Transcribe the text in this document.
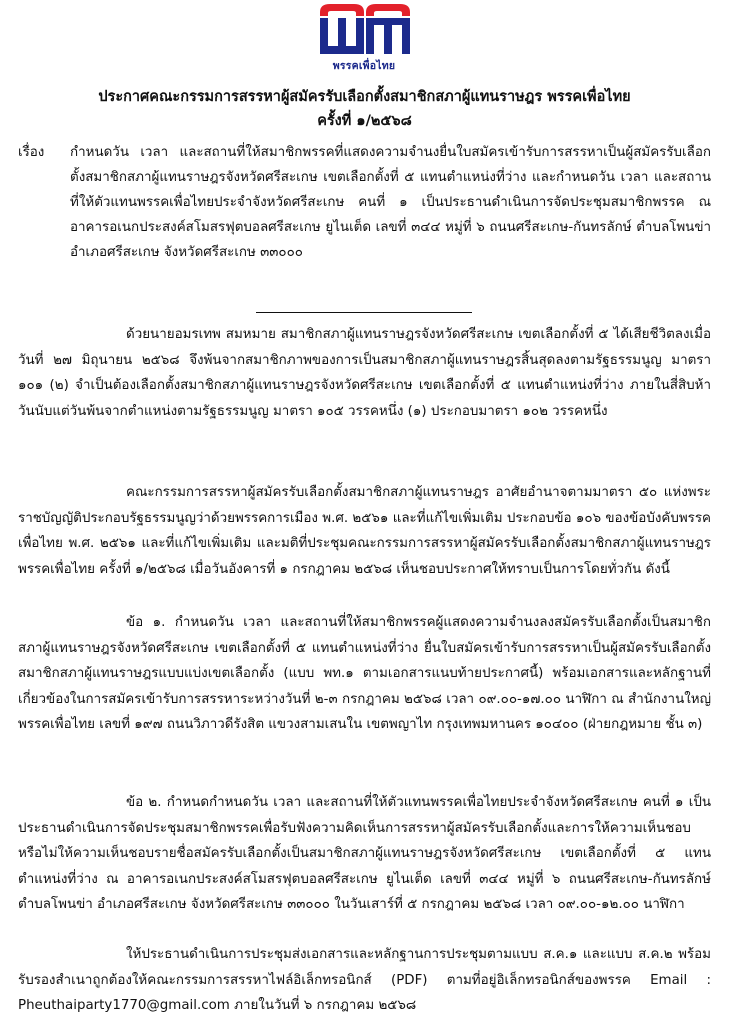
พรรคเพื่อไทย
ประกาศคณะกรรมการสรรหาผู้สมัครรับเลือกตั้งสมาชิกสภาผู้แทนราษฎร พรรคเพื่อไทย
ครั้งที่ ๑/๒๕๖๘
เรื่อง กำหนดวัน เวลา และสถานที่ให้สมาชิกพรรคที่แสดงความจำนงยื่นใบสมัครเข้ารับการสรรหาเป็นผู้สมัครรับเลือกตั้งสมาชิกสภาผู้แทนราษฎรจังหวัดศรีสะเกษ เขตเลือกตั้งที่ ๕ แทนตำแหน่งที่ว่าง และกำหนดวัน เวลา และสถานที่ให้ตัวแทนพรรคเพื่อไทยประจำจังหวัดศรีสะเกษ คนที่ ๑ เป็นประธานดำเนินการจัดประชุมสมาชิกพรรค ณ อาคารอเนกประสงค์สโมสรฟุตบอลศรีสะเกษ ยูไนเต็ด เลขที่ ๓๔๔ หมู่ที่ ๖ ถนนศรีสะเกษ-กันทรลักษ์ ตำบลโพนข่า อำเภอศรีสะเกษ จังหวัดศรีสะเกษ ๓๓๐๐๐

ด้วยนายอมรเทพ สมหมาย สมาชิกสภาผู้แทนราษฎรจังหวัดศรีสะเกษ เขตเลือกตั้งที่ ๕ ได้เสียชีวิตลงเมื่อวันที่ ๒๗ มิถุนายน ๒๕๖๘ จึงพ้นจากสมาชิกภาพของการเป็นสมาชิกสภาผู้แทนราษฎรสิ้นสุดลงตามรัฐธรรมนูญ มาตรา ๑๐๑ (๒) จำเป็นต้องเลือกตั้งสมาชิกสภาผู้แทนราษฎรจังหวัดศรีสะเกษ เขตเลือกตั้งที่ ๕ แทนตำแหน่งที่ว่าง ภายในสี่สิบห้าวันนับแต่วันพ้นจากตำแหน่งตามรัฐธรรมนูญ มาตรา ๑๐๕ วรรคหนึ่ง (๑) ประกอบมาตรา ๑๐๒ วรรคหนึ่ง

คณะกรรมการสรรหาผู้สมัครรับเลือกตั้งสมาชิกสภาผู้แทนราษฎร อาศัยอำนาจตามมาตรา ๕๐ แห่งพระราชบัญญัติประกอบรัฐธรรมนูญว่าด้วยพรรคการเมือง พ.ศ. ๒๕๖๑ และที่แก้ไขเพิ่มเติม ประกอบข้อ ๑๐๖ ของข้อบังคับพรรคเพื่อไทย พ.ศ. ๒๕๖๑ และที่แก้ไขเพิ่มเติม และมติที่ประชุมคณะกรรมการสรรหาผู้สมัครรับเลือกตั้งสมาชิกสภาผู้แทนราษฎร พรรคเพื่อไทย ครั้งที่ ๑/๒๕๖๘ เมื่อวันอังคารที่ ๑ กรกฎาคม ๒๕๖๘ เห็นชอบประกาศให้ทราบเป็นการโดยทั่วกัน ดังนี้

ข้อ ๑. กำหนดวัน เวลา และสถานที่ให้สมาชิกพรรคผู้แสดงความจำนงลงสมัครรับเลือกตั้งเป็นสมาชิกสภาผู้แทนราษฎรจังหวัดศรีสะเกษ เขตเลือกตั้งที่ ๕ แทนตำแหน่งที่ว่าง ยื่นใบสมัครเข้ารับการสรรหาเป็นผู้สมัครรับเลือกตั้งสมาชิกสภาผู้แทนราษฎรแบบแบ่งเขตเลือกตั้ง (แบบ พท.๑ ตามเอกสารแนบท้ายประกาศนี้) พร้อมเอกสารและหลักฐานที่เกี่ยวข้องในการสมัครเข้ารับการสรรหาระหว่างวันที่ ๒-๓ กรกฎาคม ๒๕๖๘ เวลา ๐๙.๐๐-๑๗.๐๐ นาฬิกา ณ สำนักงานใหญ่พรรคเพื่อไทย เลขที่ ๑๙๗ ถนนวิภาวดีรังสิต แขวงสามเสนใน เขตพญาไท กรุงเทพมหานคร ๑๐๔๐๐ (ฝ่ายกฎหมาย ชั้น ๓)

ข้อ ๒. กำหนดกำหนดวัน เวลา และสถานที่ให้ตัวแทนพรรคเพื่อไทยประจำจังหวัดศรีสะเกษ คนที่ ๑ เป็นประธานดำเนินการจัดประชุมสมาชิกพรรคเพื่อรับฟังความคิดเห็นการสรรหาผู้สมัครรับเลือกตั้งและการให้ความเห็นชอบหรือไม่ให้ความเห็นชอบรายชื่อสมัครรับเลือกตั้งเป็นสมาชิกสภาผู้แทนราษฎรจังหวัดศรีสะเกษ เขตเลือกตั้งที่ ๕ แทนตำแหน่งที่ว่าง ณ อาคารอเนกประสงค์สโมสรฟุตบอลศรีสะเกษ ยูไนเต็ด เลขที่ ๓๔๔ หมู่ที่ ๖ ถนนศรีสะเกษ-กันทรลักษ์ ตำบลโพนข่า อำเภอศรีสะเกษ จังหวัดศรีสะเกษ ๓๓๐๐๐ ในวันเสาร์ที่ ๕ กรกฎาคม ๒๕๖๘ เวลา ๐๙.๐๐-๑๒.๐๐ นาฬิกา

ให้ประธานดำเนินการประชุมส่งเอกสารและหลักฐานการประชุมตามแบบ ส.ค.๑ และแบบ ส.ค.๒ พร้อมรับรองสำเนาถูกต้องให้คณะกรรมการสรรหาไฟล์อิเล็กทรอนิกส์ (PDF) ตามที่อยู่อิเล็กทรอนิกส์ของพรรค Email : Pheuthaiparty1770@gmail.com ภายในวันที่ ๖ กรกฎาคม ๒๕๖๘
